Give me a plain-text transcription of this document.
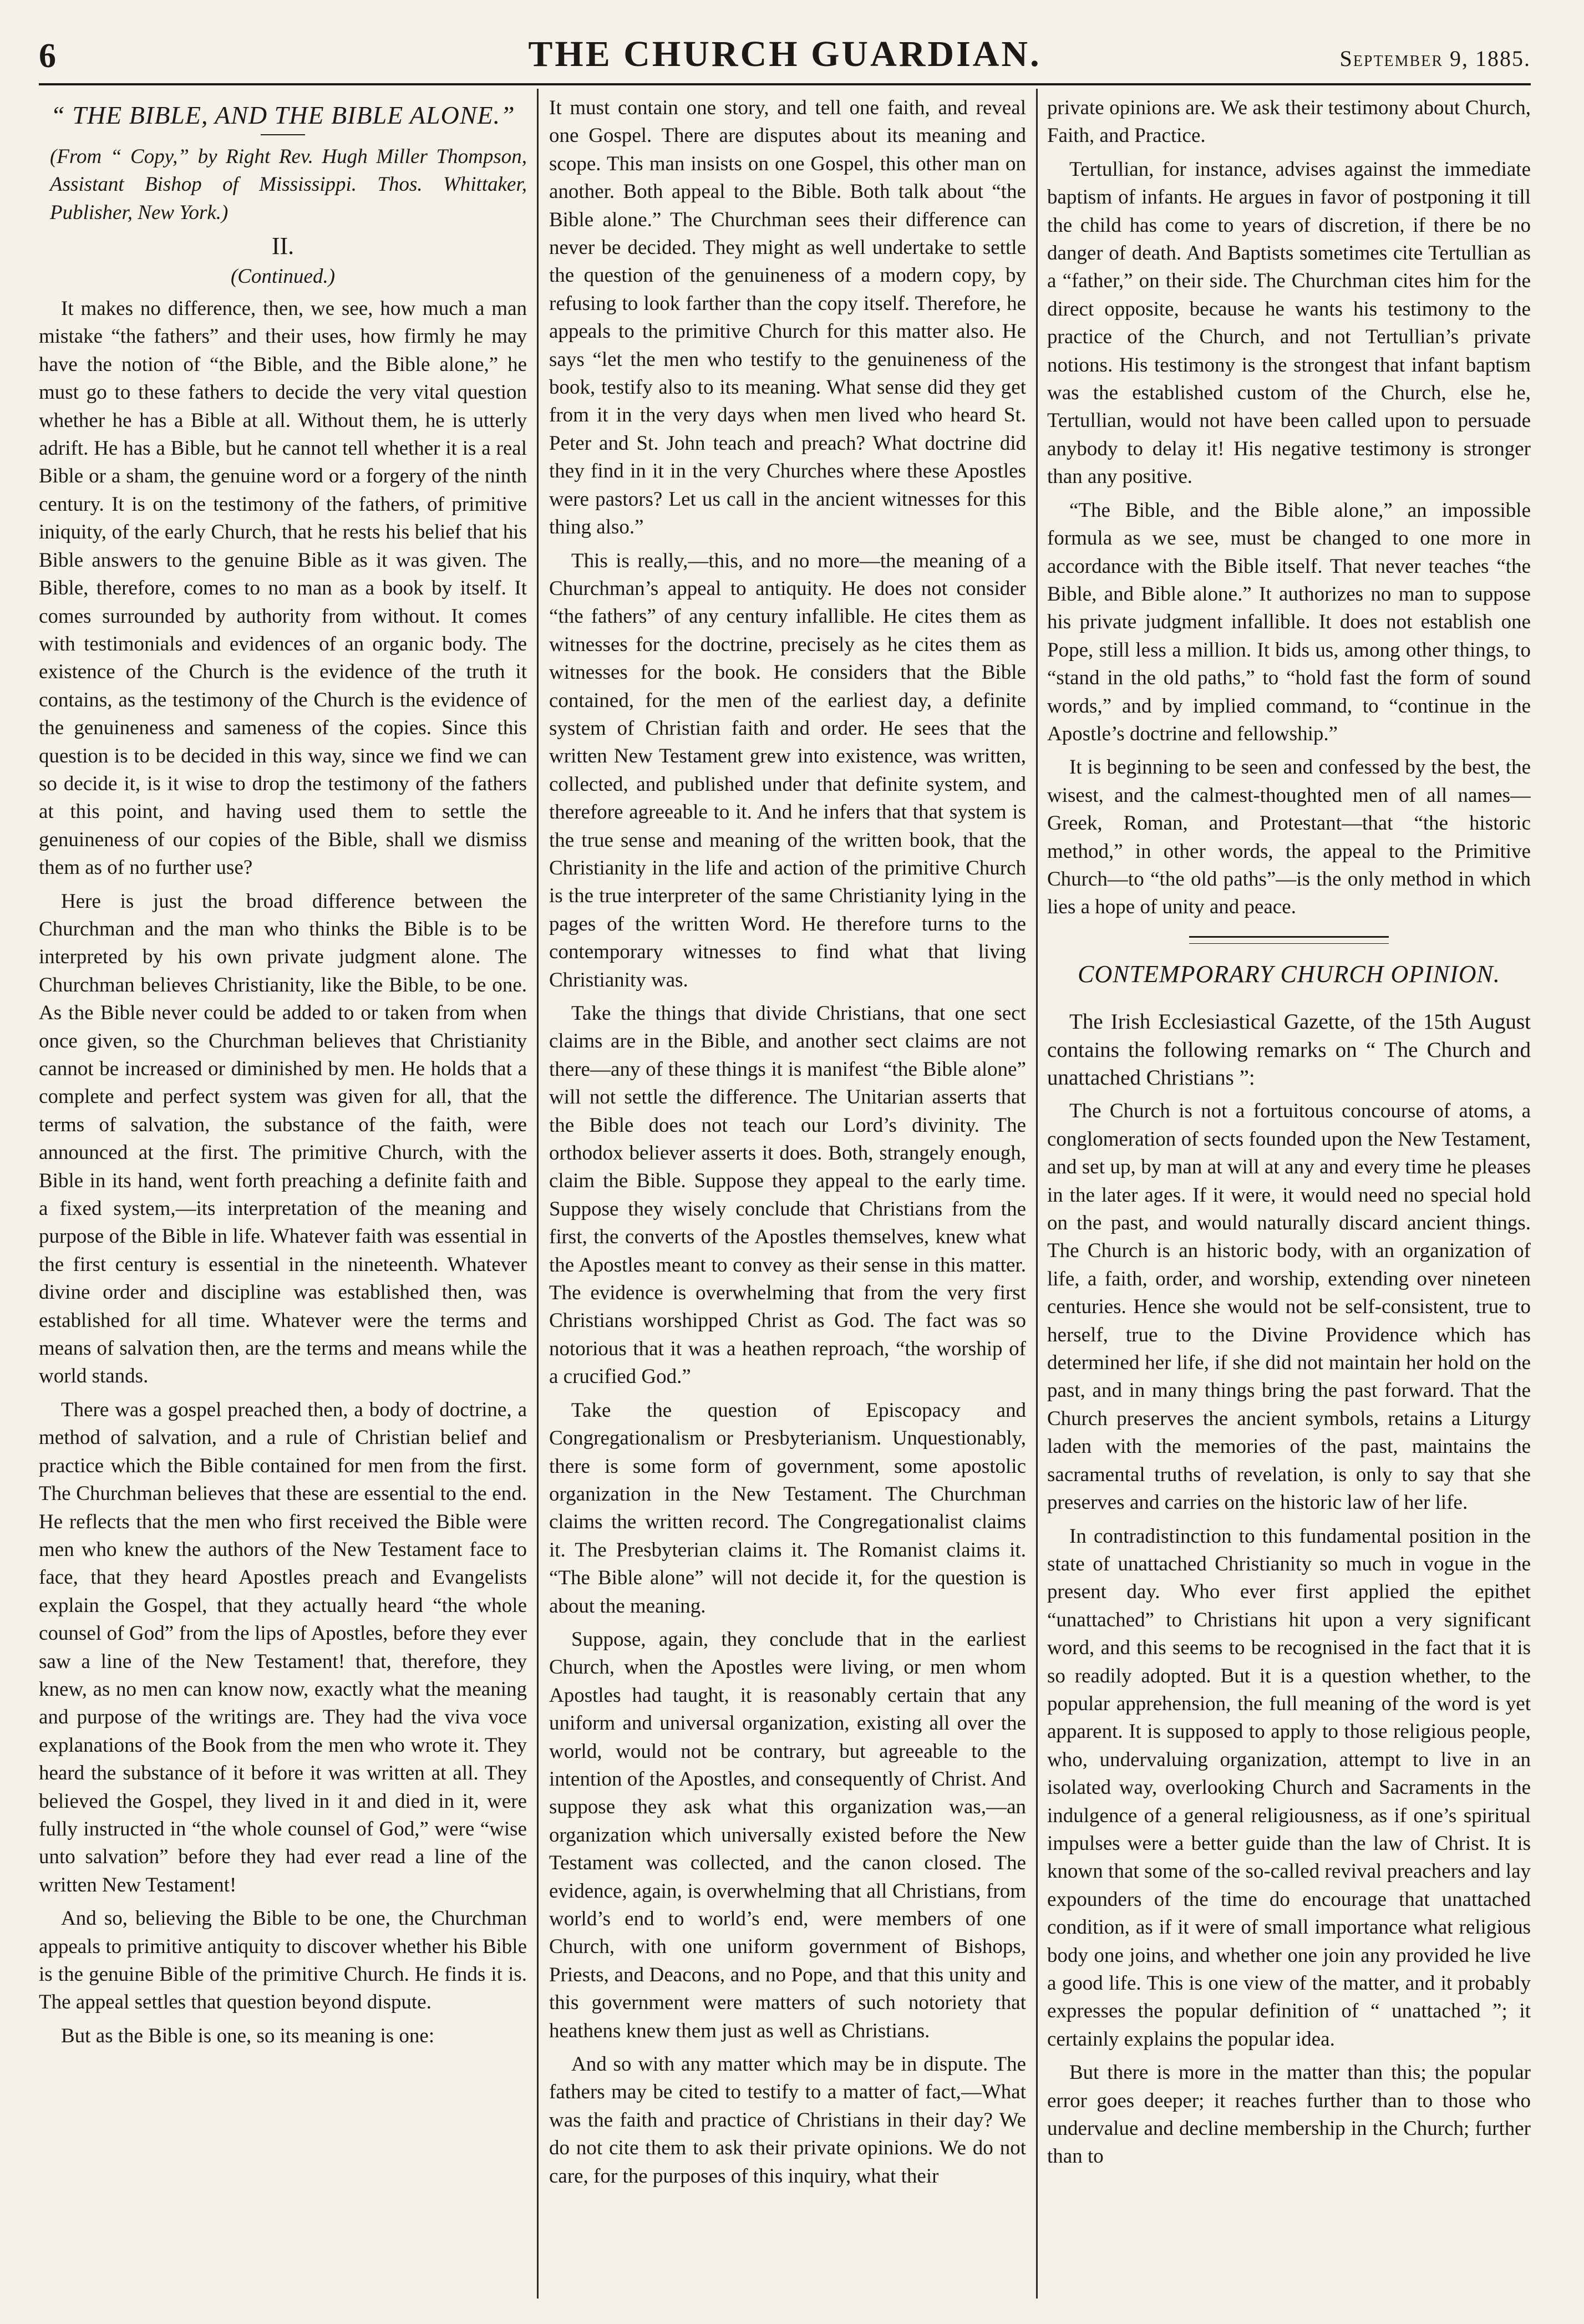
6	THE CHURCH GUARDIAN.	September 9, 1885.
“ THE BIBLE, AND THE BIBLE ALONE.”

(From “ Copy,” by Right Rev. Hugh Miller Thompson, Assistant Bishop of Mississippi. Thos. Whittaker, Publisher, New York.)

II.
(Continued.)

It makes no difference, then, we see, how much a man mistake “the fathers” and their uses, how firmly he may have the notion of “the Bible, and the Bible alone,” he must go to these fathers to decide the very vital question whether he has a Bible at all. Without them, he is utterly adrift. He has a Bible, but he cannot tell whether it is a real Bible or a sham, the genuine word or a forgery of the ninth century. It is on the testimony of the fathers, of primitive iniquity, of the early Church, that he rests his belief that his Bible answers to the genuine Bible as it was given. The Bible, therefore, comes to no man as a book by itself. It comes surrounded by authority from without. It comes with testimonials and evidences of an organic body. The existence of the Church is the evidence of the truth it contains, as the testimony of the Church is the evidence of the genuineness and sameness of the copies. Since this question is to be decided in this way, since we find we can so decide it, is it wise to drop the testimony of the fathers at this point, and having used them to settle the genuineness of our copies of the Bible, shall we dismiss them as of no further use?

Here is just the broad difference between the Churchman and the man who thinks the Bible is to be interpreted by his own private judgment alone. The Churchman believes Christianity, like the Bible, to be one. As the Bible never could be added to or taken from when once given, so the Churchman believes that Christianity cannot be increased or diminished by men. He holds that a complete and perfect system was given for all, that the terms of salvation, the substance of the faith, were announced at the first. The primitive Church, with the Bible in its hand, went forth preaching a definite faith and a fixed system,—its interpretation of the meaning and purpose of the Bible in life. Whatever faith was essential in the first century is essential in the nineteenth. Whatever divine order and discipline was established then, was established for all time. Whatever were the terms and means of salvation then, are the terms and means while the world stands.

There was a gospel preached then, a body of doctrine, a method of salvation, and a rule of Christian belief and practice which the Bible contained for men from the first. The Churchman believes that these are essential to the end. He reflects that the men who first received the Bible were men who knew the authors of the New Testament face to face, that they heard Apostles preach and Evangelists explain the Gospel, that they actually heard “the whole counsel of God” from the lips of Apostles, before they ever saw a line of the New Testament! that, therefore, they knew, as no men can know now, exactly what the meaning and purpose of the writings are. They had the viva voce explanations of the Book from the men who wrote it. They heard the substance of it before it was written at all. They believed the Gospel, they lived in it and died in it, were fully instructed in “the whole counsel of God,” were “wise unto salvation” before they had ever read a line of the written New Testament!

And so, believing the Bible to be one, the Churchman appeals to primitive antiquity to discover whether his Bible is the genuine Bible of the primitive Church. He finds it is. The appeal settles that question beyond dispute.

But as the Bible is one, so its meaning is one:

It must contain one story, and tell one faith, and reveal one Gospel. There are disputes about its meaning and scope. This man insists on one Gospel, this other man on another. Both appeal to the Bible. Both talk about “the Bible alone.” The Churchman sees their difference can never be decided. They might as well undertake to settle the question of the genuineness of a modern copy, by refusing to look farther than the copy itself. Therefore, he appeals to the primitive Church for this matter also. He says “let the men who testify to the genuineness of the book, testify also to its meaning. What sense did they get from it in the very days when men lived who heard St. Peter and St. John teach and preach? What doctrine did they find in it in the very Churches where these Apostles were pastors? Let us call in the ancient witnesses for this thing also.”

This is really,—this, and no more—the meaning of a Churchman’s appeal to antiquity. He does not consider “the fathers” of any century infallible. He cites them as witnesses for the doctrine, precisely as he cites them as witnesses for the book. He considers that the Bible contained, for the men of the earliest day, a definite system of Christian faith and order. He sees that the written New Testament grew into existence, was written, collected, and published under that definite system, and therefore agreeable to it. And he infers that that system is the true sense and meaning of the written book, that the Christianity in the life and action of the primitive Church is the true interpreter of the same Christianity lying in the pages of the written Word. He therefore turns to the contemporary witnesses to find what that living Christianity was.

Take the things that divide Christians, that one sect claims are in the Bible, and another sect claims are not there—any of these things it is manifest “the Bible alone” will not settle the difference. The Unitarian asserts that the Bible does not teach our Lord’s divinity. The orthodox believer asserts it does. Both, strangely enough, claim the Bible. Suppose they appeal to the early time. Suppose they wisely conclude that Christians from the first, the converts of the Apostles themselves, knew what the Apostles meant to convey as their sense in this matter. The evidence is overwhelming that from the very first Christians worshipped Christ as God. The fact was so notorious that it was a heathen reproach, “the worship of a crucified God.”

Take the question of Episcopacy and Congregationalism or Presbyterianism. Unquestionably, there is some form of government, some apostolic organization in the New Testament. The Churchman claims the written record. The Congregationalist claims it. The Presbyterian claims it. The Romanist claims it. “The Bible alone” will not decide it, for the question is about the meaning.

Suppose, again, they conclude that in the earliest Church, when the Apostles were living, or men whom Apostles had taught, it is reasonably certain that any uniform and universal organization, existing all over the world, would not be contrary, but agreeable to the intention of the Apostles, and consequently of Christ. And suppose they ask what this organization was,—an organization which universally existed before the New Testament was collected, and the canon closed. The evidence, again, is overwhelming that all Christians, from world’s end to world’s end, were members of one Church, with one uniform government of Bishops, Priests, and Deacons, and no Pope, and that this unity and this government were matters of such notoriety that heathens knew them just as well as Christians.

And so with any matter which may be in dispute. The fathers may be cited to testify to a matter of fact,—What was the faith and practice of Christians in their day? We do not cite them to ask their private opinions. We do not care, for the purposes of this inquiry, what their

private opinions are. We ask their testimony about Church, Faith, and Practice.

Tertullian, for instance, advises against the immediate baptism of infants. He argues in favor of postponing it till the child has come to years of discretion, if there be no danger of death. And Baptists sometimes cite Tertullian as a “father,” on their side. The Churchman cites him for the direct opposite, because he wants his testimony to the practice of the Church, and not Tertullian’s private notions. His testimony is the strongest that infant baptism was the established custom of the Church, else he, Tertullian, would not have been called upon to persuade anybody to delay it! His negative testimony is stronger than any positive.

“The Bible, and the Bible alone,” an impossible formula as we see, must be changed to one more in accordance with the Bible itself. That never teaches “the Bible, and Bible alone.” It authorizes no man to suppose his private judgment infallible. It does not establish one Pope, still less a million. It bids us, among other things, to “stand in the old paths,” to “hold fast the form of sound words,” and by implied command, to “continue in the Apostle’s doctrine and fellowship.”

It is beginning to be seen and confessed by the best, the wisest, and the calmest-thoughted men of all names—Greek, Roman, and Protestant—that “the historic method,” in other words, the appeal to the Primitive Church—to “the old paths”—is the only method in which lies a hope of unity and peace.

CONTEMPORARY CHURCH OPINION.

The Irish Ecclesiastical Gazette, of the 15th August contains the following remarks on “ The Church and unattached Christians ”:

The Church is not a fortuitous concourse of atoms, a conglomeration of sects founded upon the New Testament, and set up, by man at will at any and every time he pleases in the later ages. If it were, it would need no special hold on the past, and would naturally discard ancient things. The Church is an historic body, with an organization of life, a faith, order, and worship, extending over nineteen centuries. Hence she would not be self-consistent, true to herself, true to the Divine Providence which has determined her life, if she did not maintain her hold on the past, and in many things bring the past forward. That the Church preserves the ancient symbols, retains a Liturgy laden with the memories of the past, maintains the sacramental truths of revelation, is only to say that she preserves and carries on the historic law of her life.

In contradistinction to this fundamental position in the state of unattached Christianity so much in vogue in the present day. Who ever first applied the epithet “unattached” to Christians hit upon a very significant word, and this seems to be recognised in the fact that it is so readily adopted. But it is a question whether, to the popular apprehension, the full meaning of the word is yet apparent. It is supposed to apply to those religious people, who, undervaluing organization, attempt to live in an isolated way, overlooking Church and Sacraments in the indulgence of a general religiousness, as if one’s spiritual impulses were a better guide than the law of Christ. It is known that some of the so-called revival preachers and lay expounders of the time do encourage that unattached condition, as if it were of small importance what religious body one joins, and whether one join any provided he live a good life. This is one view of the matter, and it probably expresses the popular definition of “ unattached ”; it certainly explains the popular idea.

But there is more in the matter than this; the popular error goes deeper; it reaches further than to those who undervalue and decline membership in the Church; further than to
